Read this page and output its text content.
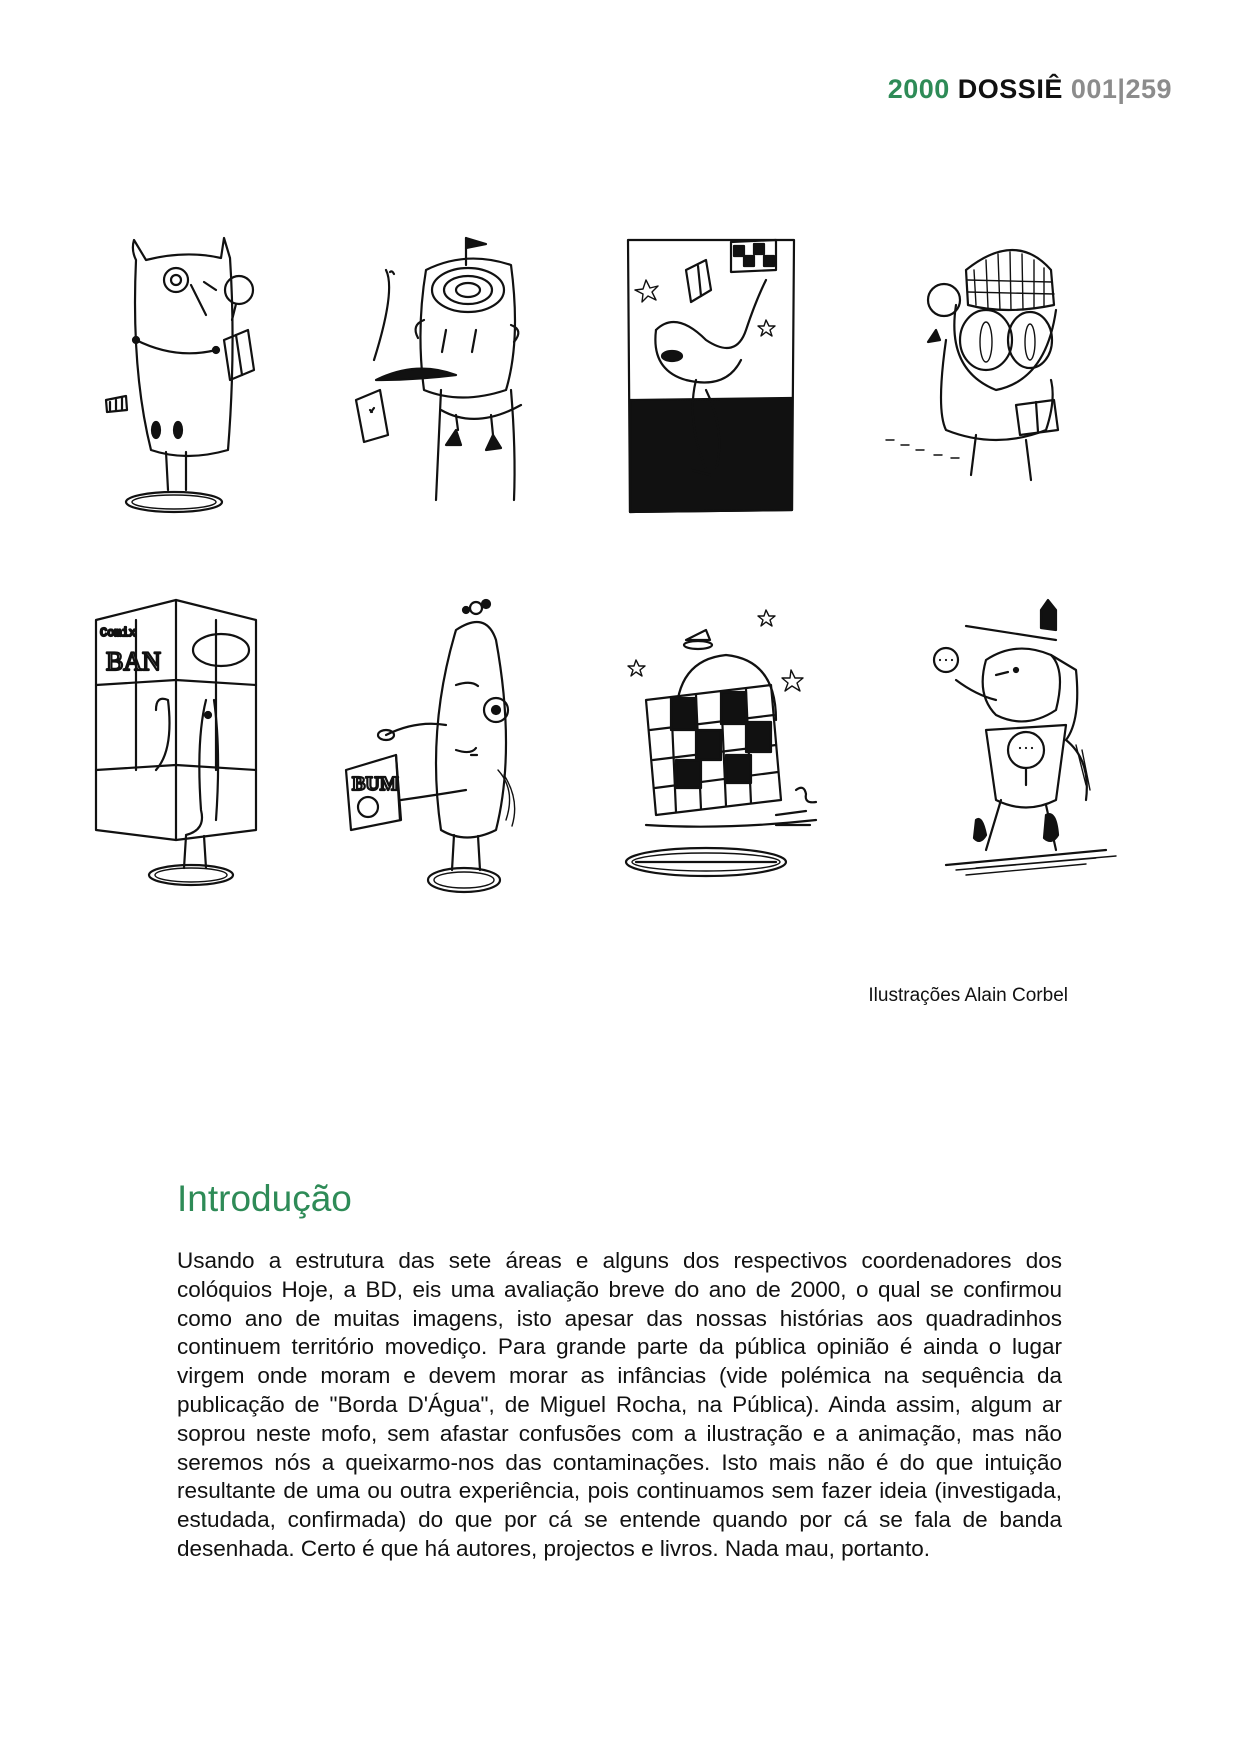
2000 DOSSIÊ 001|259
Comix
BAN
BUM
Ilustrações Alain Corbel
Introdução

Usando a estrutura das sete áreas e alguns dos respectivos coordenadores dos colóquios Hoje, a BD, eis uma avaliação breve do ano de 2000, o qual se confirmou como ano de muitas imagens, isto apesar das nossas histórias aos quadradinhos continuem território movediço. Para grande parte da pública opinião é ainda o lugar virgem onde moram e devem morar as infâncias (vide polémica na sequência da publicação de "Borda D'Água", de Miguel Rocha, na Pública). Ainda assim, algum ar soprou neste mofo, sem afastar confusões com a ilustração e a animação, mas não seremos nós a queixarmo-nos das contaminações. Isto mais não é do que intuição resultante de uma ou outra experiência, pois continuamos sem fazer ideia (investigada, estudada, confirmada) do que por cá se entende quando por cá se fala de banda desenhada. Certo é que há autores, projectos e livros. Nada mau, portanto.
